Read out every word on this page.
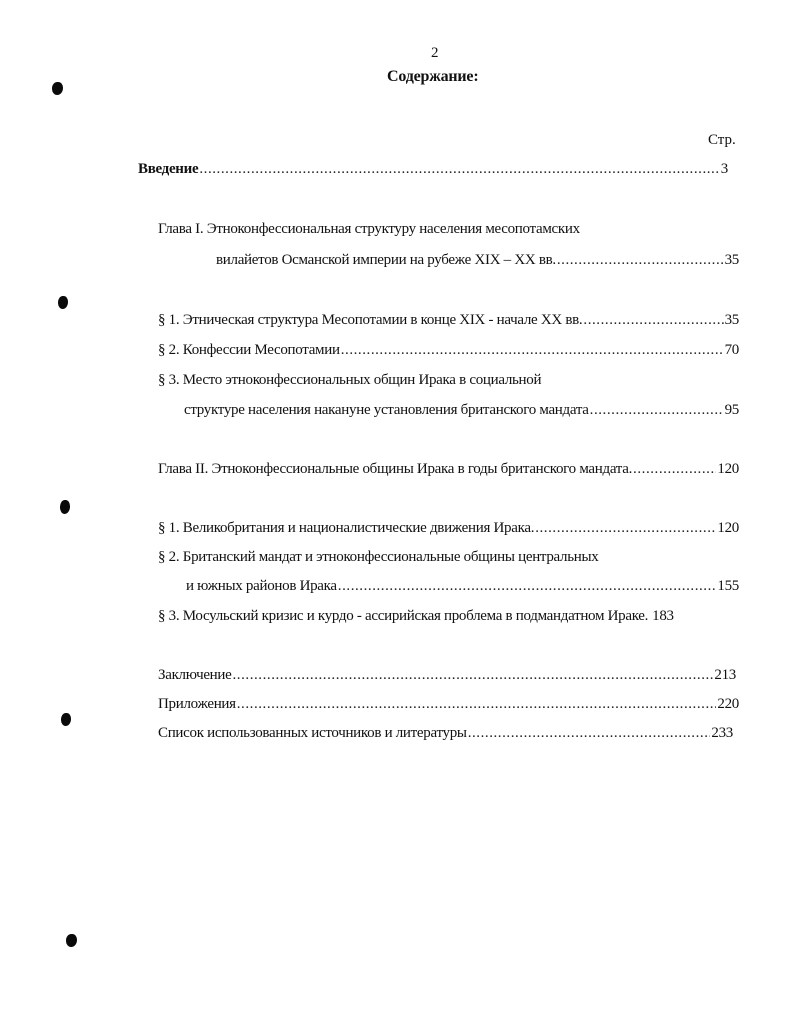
2
Содержание:
Стр.
Введение . . .	3
Глава I. Этноконфессиональная структуру населения месопотамских
вилайетов Османской империи на рубеже XIX – XX вв. . . .	35
§ 1. Этническая структура Месопотамии в конце XIX - начале XX вв. . . .	35
§ 2. Конфессии Месопотамии . . .	70
§ 3. Место этноконфессиональных общин Ирака в социальной
структуре населения накануне установления британского мандата . . .	95
Глава II. Этноконфессиональные общины Ирака в годы британского мандата. . . .	120
§ 1. Великобритания и националистические движения Ирака. . . .	120
§ 2. Британский мандат и этноконфессиональные общины центральных
и южных районов Ирака . . .	155
§ 3. Мосульский кризис и курдо - ассирийская проблема в подмандатном Ираке. 183
Заключение . . .	213
Приложения . . .	220
Список использованных источников и литературы . . .	233
